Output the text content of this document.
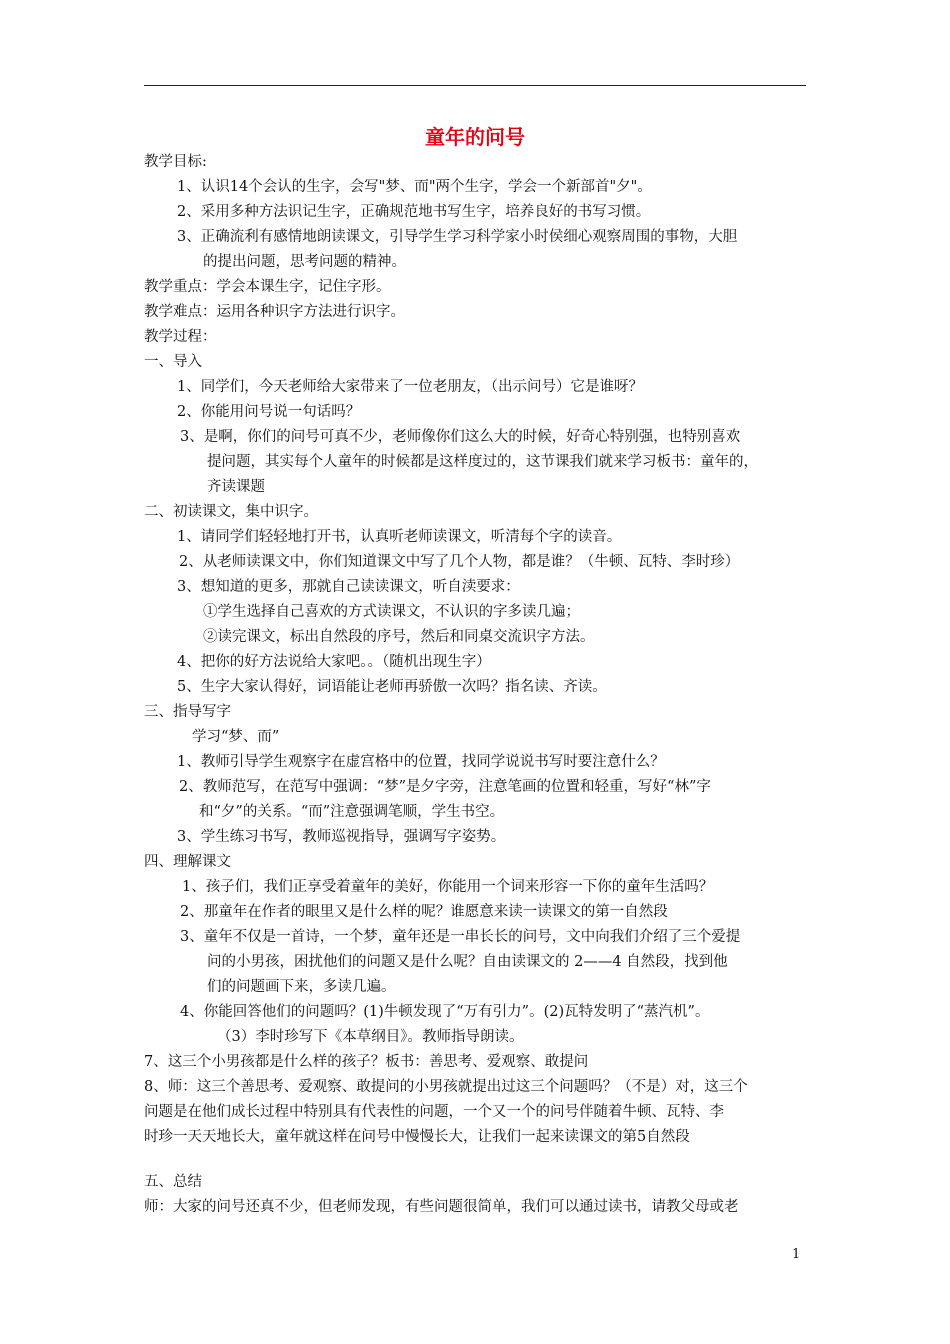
童年的问号
教学目标:
1、认识14个会认的生字，会写"梦、而"两个生字，学会一个新部首"夕"。
2、采用多种方法识记生字，正确规范地书写生字，培养良好的书写习惯。
3、正确流利有感情地朗读课文，引导学生学习科学家小时侯细心观察周围的事物，大胆
的提出问题，思考问题的精神。
教学重点：学会本课生字，记住字形。
教学难点：运用各种识字方法进行识字。
教学过程：
一、导入
1、同学们，今天老师给大家带来了一位老朋友，（出示问号）它是谁呀？
2、你能用问号说一句话吗？
3、是啊，你们的问号可真不少，老师像你们这么大的时候，好奇心特别强，也特别喜欢
提问题，其实每个人童年的时候都是这样度过的，这节课我们就来学习板书：童年的，
齐读课题
二、初读课文，集中识字。
1、请同学们轻轻地打开书，认真听老师读课文，听清每个字的读音。
2、从老师读课文中，你们知道课文中写了几个人物，都是谁？（牛顿、瓦特、李时珍）
3、想知道的更多，那就自己读读课文，听自渎要求：
①学生选择自己喜欢的方式读课文，不认识的字多读几遍；
②读完课文，标出自然段的序号，然后和同桌交流识字方法。
4、把你的好方法说给大家吧。。（随机出现生字）
5、生字大家认得好，词语能让老师再骄傲一次吗？指名读、齐读。
三、指导写字
学习“梦、而”
1、教师引导学生观察字在虚宫格中的位置，找同学说说书写时要注意什么？
2、教师范写，在范写中强调：“梦”是夕字旁，注意笔画的位置和轻重，写好“林”字
和“夕”的关系。“而”注意强调笔顺，学生书空。
3、学生练习书写，教师巡视指导，强调写字姿势。
四、理解课文
1、孩子们，我们正享受着童年的美好，你能用一个词来形容一下你的童年生活吗？
2、那童年在作者的眼里又是什么样的呢？谁愿意来读一读课文的第一自然段
3、童年不仅是一首诗，一个梦，童年还是一串长长的问号，文中向我们介绍了三个爱提
问的小男孩，困扰他们的问题又是什么呢？自由读课文的 2——4 自然段，找到他
们的问题画下来，多读几遍。
4、你能回答他们的问题吗？(1)牛顿发现了“万有引力”。(2)瓦特发明了“蒸汽机”。
（3）李时珍写下《本草纲目》。教师指导朗读。
7、这三个小男孩都是什么样的孩子？板书：善思考、爱观察、敢提问
8、师：这三个善思考、爱观察、敢提问的小男孩就提出过这三个问题吗？（不是）对，这三个
问题是在他们成长过程中特别具有代表性的问题，一个又一个的问号伴随着牛顿、瓦特、李
时珍一天天地长大，童年就这样在问号中慢慢长大，让我们一起来读课文的第5自然段
五、总结
师：大家的问号还真不少，但老师发现，有些问题很简单，我们可以通过读书，请教父母或老
1
